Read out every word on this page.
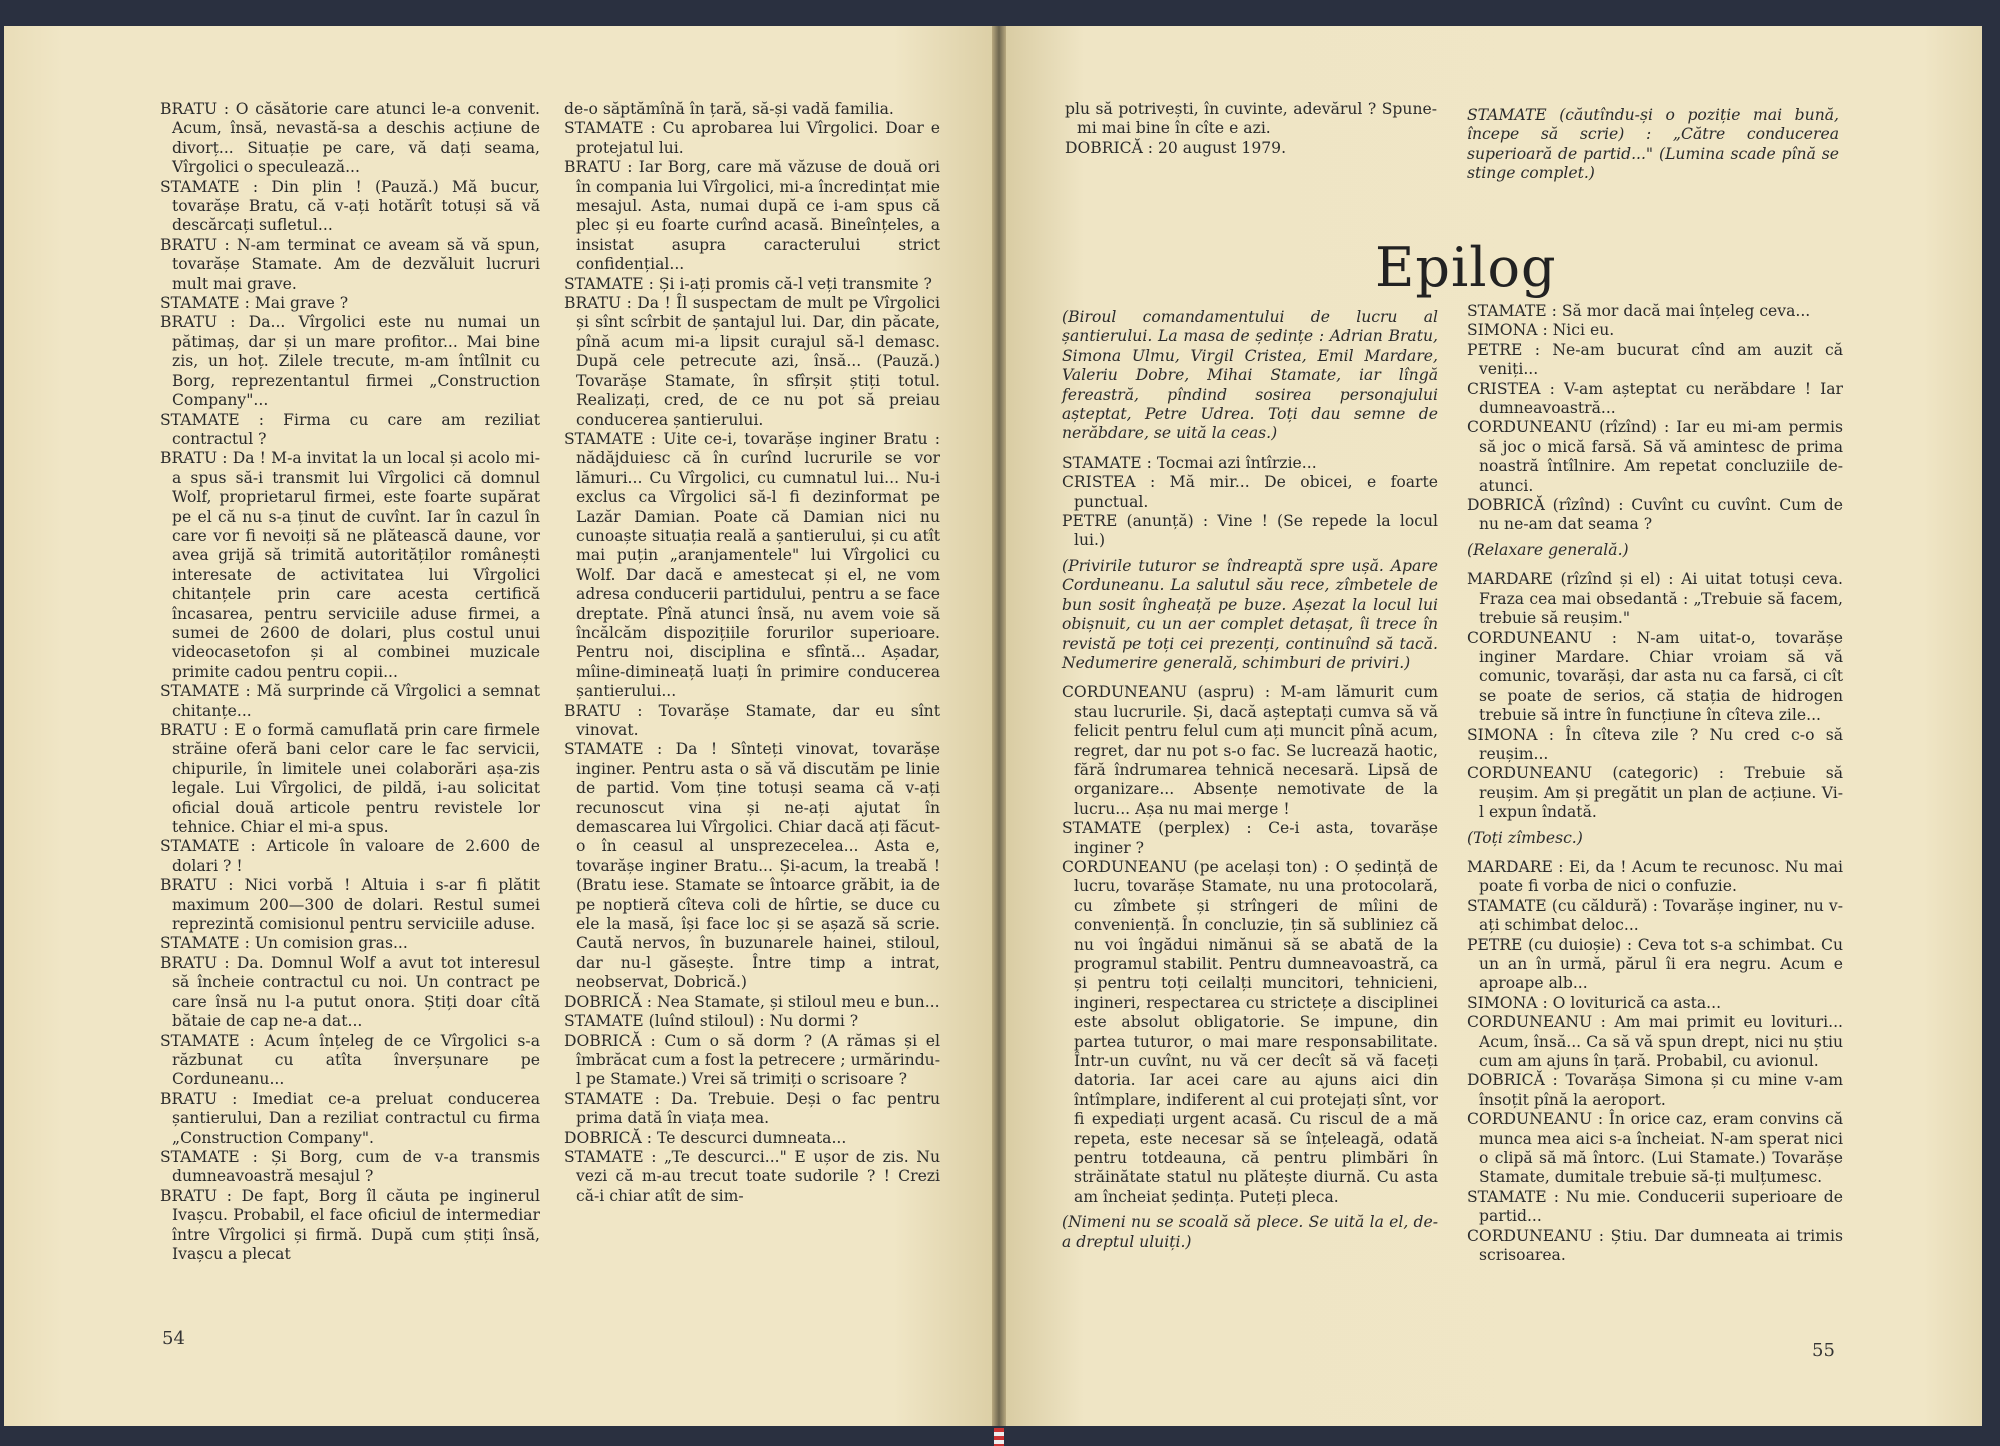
BRATU : O căsătorie care atunci le-a convenit. Acum, însă, nevastă-sa a deschis acțiune de divorț... Situație pe care, vă dați seama, Vîrgolici o speculează...

STAMATE : Din plin ! (Pauză.) Mă bucur, tovarășe Bratu, că v-ați hotărît totuși să vă descărcați sufletul...

BRATU : N-am terminat ce aveam să vă spun, tovarășe Stamate. Am de dezvăluit lucruri mult mai grave.

STAMATE : Mai grave ?

BRATU : Da... Vîrgolici este nu numai un pătimaș, dar și un mare profitor... Mai bine zis, un hoț. Zilele trecute, m-am întîlnit cu Borg, reprezentantul firmei „Construction Company"...

STAMATE : Firma cu care am reziliat contractul ?

BRATU : Da ! M-a invitat la un local și acolo mi-a spus să-i transmit lui Vîrgolici că domnul Wolf, proprietarul firmei, este foarte supărat pe el că nu s-a ținut de cuvînt. Iar în cazul în care vor fi nevoiți să ne plătească daune, vor avea grijă să trimită autorităților românești interesate de activitatea lui Vîrgolici chitanțele prin care acesta certifică încasarea, pentru serviciile aduse firmei, a sumei de 2600 de dolari, plus costul unui videocasetofon și al combinei muzicale primite cadou pentru copii...

STAMATE : Mă surprinde că Vîrgolici a semnat chitanțe...

BRATU : E o formă camuflată prin care firmele străine oferă bani celor care le fac servicii, chipurile, în limitele unei colaborări așa-zis legale. Lui Vîrgolici, de pildă, i-au solicitat oficial două articole pentru revistele lor tehnice. Chiar el mi-a spus.

STAMATE : Articole în valoare de 2.600 de dolari ? !

BRATU : Nici vorbă ! Altuia i s-ar fi plătit maximum 200—300 de dolari. Restul sumei reprezintă comisionul pentru serviciile aduse.

STAMATE : Un comision gras...

BRATU : Da. Domnul Wolf a avut tot interesul să încheie contractul cu noi. Un contract pe care însă nu l-a putut onora. Știți doar cîtă bătaie de cap ne-a dat...

STAMATE : Acum înțeleg de ce Vîrgolici s-a răzbunat cu atîta înverșunare pe Corduneanu...

BRATU : Imediat ce-a preluat conducerea șantierului, Dan a reziliat contractul cu firma „Construction Company".

STAMATE : Și Borg, cum de v-a transmis dumneavoastră mesajul ?

BRATU : De fapt, Borg îl căuta pe inginerul Ivașcu. Probabil, el face oficiul de intermediar între Vîrgolici și firmă. După cum știți însă, Ivașcu a plecat

de-o săptămînă în țară, să-și vadă familia.

STAMATE : Cu aprobarea lui Vîrgolici. Doar e protejatul lui.

BRATU : Iar Borg, care mă văzuse de două ori în compania lui Vîrgolici, mi-a încredințat mie mesajul. Asta, numai după ce i-am spus că plec și eu foarte curînd acasă. Bineînțeles, a insistat asupra caracterului strict confidențial...

STAMATE : Și i-ați promis că-l veți transmite ?

BRATU : Da ! Îl suspectam de mult pe Vîrgolici și sînt scîrbit de șantajul lui. Dar, din păcate, pînă acum mi-a lipsit curajul să-l demasc. După cele petrecute azi, însă... (Pauză.) Tovarășe Stamate, în sfîrșit știți totul. Realizați, cred, de ce nu pot să preiau conducerea șantierului.

STAMATE : Uite ce-i, tovarășe inginer Bratu : nădăjduiesc că în curînd lucrurile se vor lămuri... Cu Vîrgolici, cu cumnatul lui... Nu-i exclus ca Vîrgolici să-l fi dezinformat pe Lazăr Damian. Poate că Damian nici nu cunoaște situația reală a șantierului, și cu atît mai puțin „aranjamentele" lui Vîrgolici cu Wolf. Dar dacă e amestecat și el, ne vom adresa conducerii partidului, pentru a se face dreptate. Pînă atunci însă, nu avem voie să încălcăm dispozițiile forurilor superioare. Pentru noi, disciplina e sfîntă... Așadar, mîine-dimineață luați în primire conducerea șantierului...

BRATU : Tovarășe Stamate, dar eu sînt vinovat.

STAMATE : Da ! Sînteți vinovat, tovarășe inginer. Pentru asta o să vă discutăm pe linie de partid. Vom ține totuși seama că v-ați recunoscut vina și ne-ați ajutat în demascarea lui Vîrgolici. Chiar dacă ați făcut-o în ceasul al unsprezecelea... Asta e, tovarășe inginer Bratu... Și-acum, la treabă ! (Bratu iese. Stamate se întoarce grăbit, ia de pe noptieră cîteva coli de hîrtie, se duce cu ele la masă, își face loc și se așază să scrie. Caută nervos, în buzunarele hainei, stiloul, dar nu-l găsește. Între timp a intrat, neobservat, Dobrică.)

DOBRICĂ : Nea Stamate, și stiloul meu e bun...

STAMATE (luînd stiloul) : Nu dormi ?

DOBRICĂ : Cum o să dorm ? (A rămas și el îmbrăcat cum a fost la petrecere ; urmărindu-l pe Stamate.) Vrei să trimiți o scrisoare ?

STAMATE : Da. Trebuie. Deși o fac pentru prima dată în viața mea.

DOBRICĂ : Te descurci dumneata...

STAMATE : „Te descurci..." E ușor de zis. Nu vezi că m-au trecut toate sudorile ? ! Crezi că-i chiar atît de sim-

plu să potrivești, în cuvinte, adevărul ? Spune-mi mai bine în cîte e azi.

DOBRICĂ : 20 august 1979.

STAMATE (căutîndu-și o poziție mai bună, începe să scrie) : „Către conducerea superioară de partid..." (Lumina scade pînă se stinge complet.)

Epilog

(Biroul comandamentului de lucru al șantierului. La masa de ședințe : Adrian Bratu, Simona Ulmu, Virgil Cristea, Emil Mardare, Valeriu Dobre, Mihai Stamate, iar lîngă fereastră, pîndind sosirea personajului așteptat, Petre Udrea. Toți dau semne de nerăbdare, se uită la ceas.)

STAMATE : Tocmai azi întîrzie...

CRISTEA : Mă mir... De obicei, e foarte punctual.

PETRE (anunță) : Vine ! (Se repede la locul lui.)

(Privirile tuturor se îndreaptă spre ușă. Apare Corduneanu. La salutul său rece, zîmbetele de bun sosit îngheață pe buze. Așezat la locul lui obișnuit, cu un aer complet detașat, îi trece în revistă pe toți cei prezenți, continuînd să tacă. Nedumerire generală, schimburi de priviri.)

CORDUNEANU (aspru) : M-am lămurit cum stau lucrurile. Și, dacă așteptați cumva să vă felicit pentru felul cum ați muncit pînă acum, regret, dar nu pot s-o fac. Se lucrează haotic, fără îndrumarea tehnică necesară. Lipsă de organizare... Absențe nemotivate de la lucru... Așa nu mai merge !

STAMATE (perplex) : Ce-i asta, tovarășe inginer ?

CORDUNEANU (pe același ton) : O ședință de lucru, tovarășe Stamate, nu una protocolară, cu zîmbete și strîngeri de mîini de conveniență. În concluzie, țin să subliniez că nu voi îngădui nimănui să se abată de la programul stabilit. Pentru dumneavoastră, ca și pentru toți ceilalți muncitori, tehnicieni, ingineri, respectarea cu strictețe a disciplinei este absolut obligatorie. Se impune, din partea tuturor, o mai mare responsabilitate. Într-un cuvînt, nu vă cer decît să vă faceți datoria. Iar acei care au ajuns aici din întîmplare, indiferent al cui protejați sînt, vor fi expediați urgent acasă. Cu riscul de a mă repeta, este necesar să se înțeleagă, odată pentru totdeauna, că pentru plimbări în străinătate statul nu plătește diurnă. Cu asta am încheiat ședința. Puteți pleca.

(Nimeni nu se scoală să plece. Se uită la el, de-a dreptul uluiți.)

STAMATE : Să mor dacă mai înțeleg ceva...

SIMONA : Nici eu.

PETRE : Ne-am bucurat cînd am auzit că veniți...

CRISTEA : V-am așteptat cu nerăbdare ! Iar dumneavoastră...

CORDUNEANU (rîzînd) : Iar eu mi-am permis să joc o mică farsă. Să vă amintesc de prima noastră întîlnire. Am repetat concluziile de-atunci.

DOBRICĂ (rîzînd) : Cuvînt cu cuvînt. Cum de nu ne-am dat seama ?

(Relaxare generală.)

MARDARE (rîzînd și el) : Ai uitat totuși ceva. Fraza cea mai obsedantă : „Trebuie să facem, trebuie să reușim."

CORDUNEANU : N-am uitat-o, tovarășe inginer Mardare. Chiar vroiam să vă comunic, tovarăși, dar asta nu ca farsă, ci cît se poate de serios, că stația de hidrogen trebuie să intre în funcțiune în cîteva zile...

SIMONA : În cîteva zile ? Nu cred c-o să reușim...

CORDUNEANU (categoric) : Trebuie să reușim. Am și pregătit un plan de acțiune. Vi-l expun îndată.

(Toți zîmbesc.)

MARDARE : Ei, da ! Acum te recunosc. Nu mai poate fi vorba de nici o confuzie.

STAMATE (cu căldură) : Tovarășe inginer, nu v-ați schimbat deloc...

PETRE (cu duioșie) : Ceva tot s-a schimbat. Cu un an în urmă, părul îi era negru. Acum e aproape alb...

SIMONA : O loviturică ca asta...

CORDUNEANU : Am mai primit eu lovituri... Acum, însă... Ca să vă spun drept, nici nu știu cum am ajuns în țară. Probabil, cu avionul.

DOBRICĂ : Tovarășa Simona și cu mine v-am însoțit pînă la aeroport.

CORDUNEANU : În orice caz, eram convins că munca mea aici s-a încheiat. N-am sperat nici o clipă să mă întorc. (Lui Stamate.) Tovarășe Stamate, dumitale trebuie să-ți mulțumesc.

STAMATE : Nu mie. Conducerii superioare de partid...

CORDUNEANU : Știu. Dar dumneata ai trimis scrisoarea.

54
55
